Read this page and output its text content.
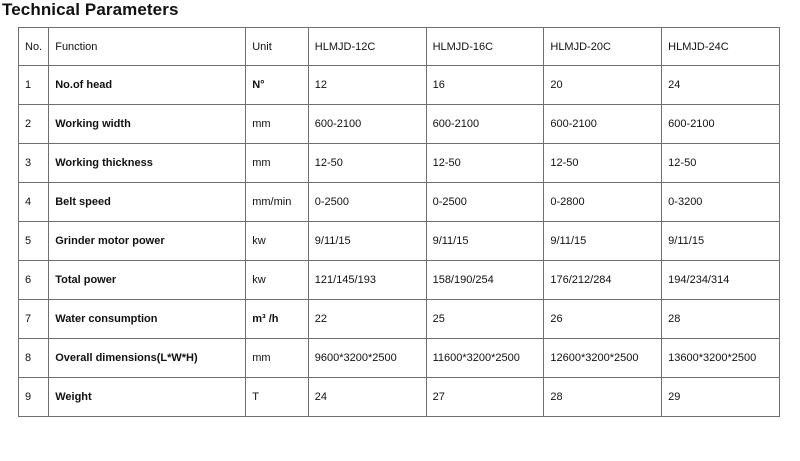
Technical Parameters
No.	Function	Unit	HLMJD-12C	HLMJD-16C	HLMJD-20C	HLMJD-24C
1	No.of head	N°	12	16	20	24
2	Working width	mm	600-2100	600-2100	600-2100	600-2100
3	Working thickness	mm	12-50	12-50	12-50	12-50
4	Belt speed	mm/min	0-2500	0-2500	0-2800	0-3200
5	Grinder motor power	kw	9/11/15	9/11/15	9/11/15	9/11/15
6	Total power	kw	121/145/193	158/190/254	176/212/284	194/234/314
7	Water consumption	m³ /h	22	25	26	28
8	Overall dimensions(L*W*H)	mm	9600*3200*2500	11600*3200*2500	12600*3200*2500	13600*3200*2500
9	Weight	T	24	27	28	29
